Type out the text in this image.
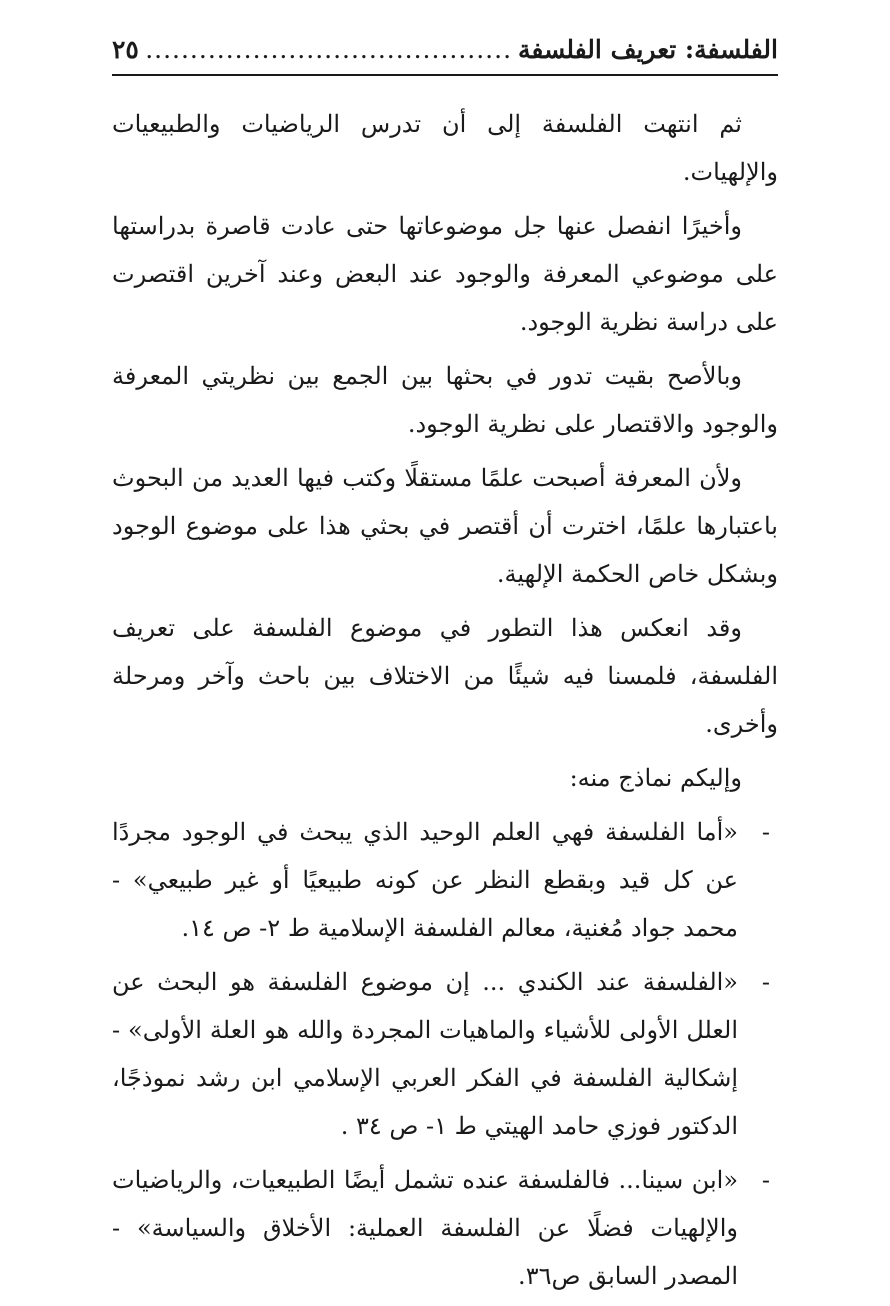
الفلسفة: تعريف الفلسفة
.....
٢٥

ثم انتهت الفلسفة إلى أن تدرس الرياضيات والطبيعيات والإلهيات.

وأخيرًا انفصل عنها جل موضوعاتها حتى عادت قاصرة بدراستها على موضوعي المعرفة والوجود عند البعض وعند آخرين اقتصرت على دراسة نظرية الوجود.

وبالأصح بقيت تدور في بحثها بين الجمع بين نظريتي المعرفة والوجود والاقتصار على نظرية الوجود.

ولأن المعرفة أصبحت علمًا مستقلًا وكتب فيها العديد من البحوث باعتبارها علمًا، اخترت أن أقتصر في بحثي هذا على موضوع الوجود وبشكل خاص الحكمة الإلهية.

وقد انعكس هذا التطور في موضوع الفلسفة على تعريف الفلسفة، فلمسنا فيه شيئًا من الاختلاف بين باحث وآخر ومرحلة وأخرى.

وإليكم نماذج منه:

-
«أما الفلسفة فهي العلم الوحيد الذي يبحث في الوجود مجردًا عن كل قيد وبقطع النظر عن كونه طبيعيًا أو غير طبيعي» - محمد جواد مُغنية، معالم الفلسفة الإسلامية ط ٢- ص ١٤.
-
«الفلسفة عند الكندي ... إن موضوع الفلسفة هو البحث عن العلل الأولى للأشياء والماهيات المجردة والله هو العلة الأولى» - إشكالية الفلسفة في الفكر العربي الإسلامي ابن رشد نموذجًا، الدكتور فوزي حامد الهيتي ط ١- ص ٣٤ .
-
«ابن سينا... فالفلسفة عنده تشمل أيضًا الطبيعيات، والرياضيات والإلهيات فضلًا عن الفلسفة العملية: الأخلاق والسياسة» - المصدر السابق ص٣٦.
